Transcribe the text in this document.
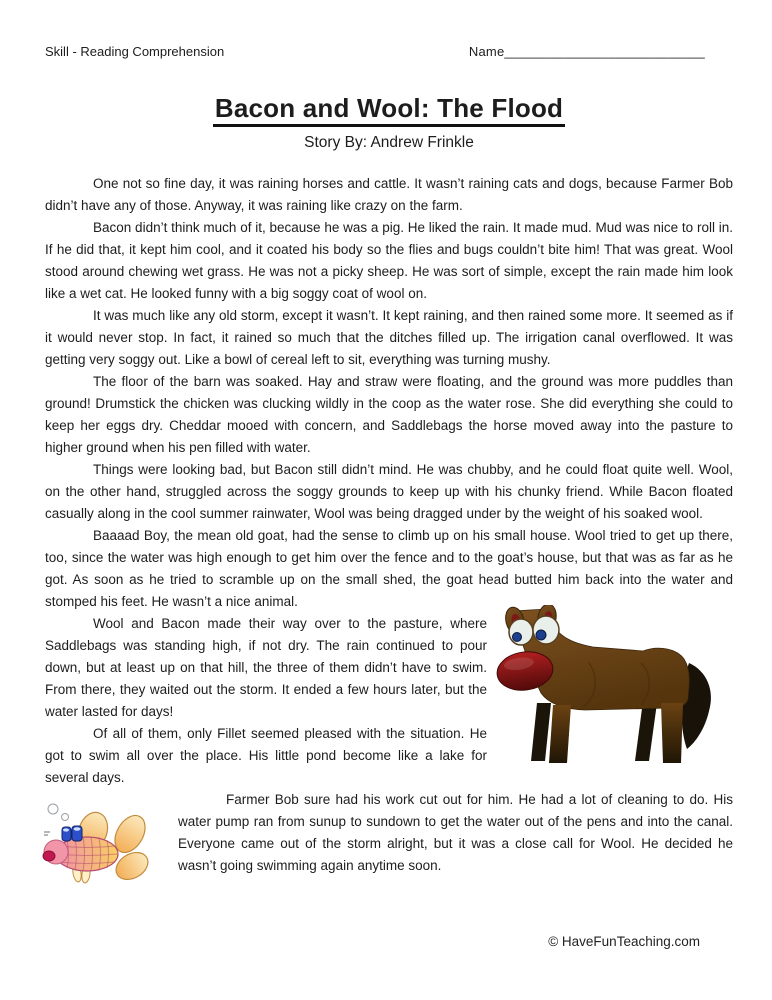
Skill - Reading Comprehension	Name___________________________
Bacon and Wool: The Flood
Story By: Andrew Frinkle

One not so fine day, it was raining horses and cattle. It wasn’t raining cats and dogs, because Farmer Bob didn’t have any of those. Anyway, it was raining like crazy on the farm.

Bacon didn’t think much of it, because he was a pig. He liked the rain. It made mud. Mud was nice to roll in. If he did that, it kept him cool, and it coated his body so the flies and bugs couldn’t bite him! That was great. Wool stood around chewing wet grass. He was not a picky sheep. He was sort of simple, except the rain made him look like a wet cat. He looked funny with a big soggy coat of wool on.

It was much like any old storm, except it wasn’t. It kept raining, and then rained some more. It seemed as if it would never stop. In fact, it rained so much that the ditches filled up. The irrigation canal overflowed. It was getting very soggy out. Like a bowl of cereal left to sit, everything was turning mushy.

The floor of the barn was soaked. Hay and straw were floating, and the ground was more puddles than ground! Drumstick the chicken was clucking wildly in the coop as the water rose. She did everything she could to keep her eggs dry. Cheddar mooed with concern, and Saddlebags the horse moved away into the pasture to higher ground when his pen filled with water.

Things were looking bad, but Bacon still didn’t mind. He was chubby, and he could float quite well. Wool, on the other hand, struggled across the soggy grounds to keep up with his chunky friend. While Bacon floated casually along in the cool summer rainwater, Wool was being dragged under by the weight of his soaked wool.

Baaaad Boy, the mean old goat, had the sense to climb up on his small house. Wool tried to get up there, too, since the water was high enough to get him over the fence and to the goat’s house, but that was as far as he got. As soon as he tried to scramble up on the small shed, the goat head butted him back into the water and stomped his feet. He wasn’t a nice animal.

Wool and Bacon made their way over to the pasture, where Saddlebags was standing high, if not dry. The rain continued to pour down, but at least up on that hill, the three of them didn’t have to swim. From there, they waited out the storm. It ended a few hours later, but the water lasted for days!

Of all of them, only Fillet seemed pleased with the situation. He got to swim all over the place. His little pond become like a lake for several days.

Farmer Bob sure had his work cut out for him. He had a lot of cleaning to do. His water pump ran from sunup to sundown to get the water out of the pens and into the canal. Everyone came out of the storm alright, but it was a close call for Wool. He decided he wasn’t going swimming again anytime soon.

© HaveFunTeaching.com
